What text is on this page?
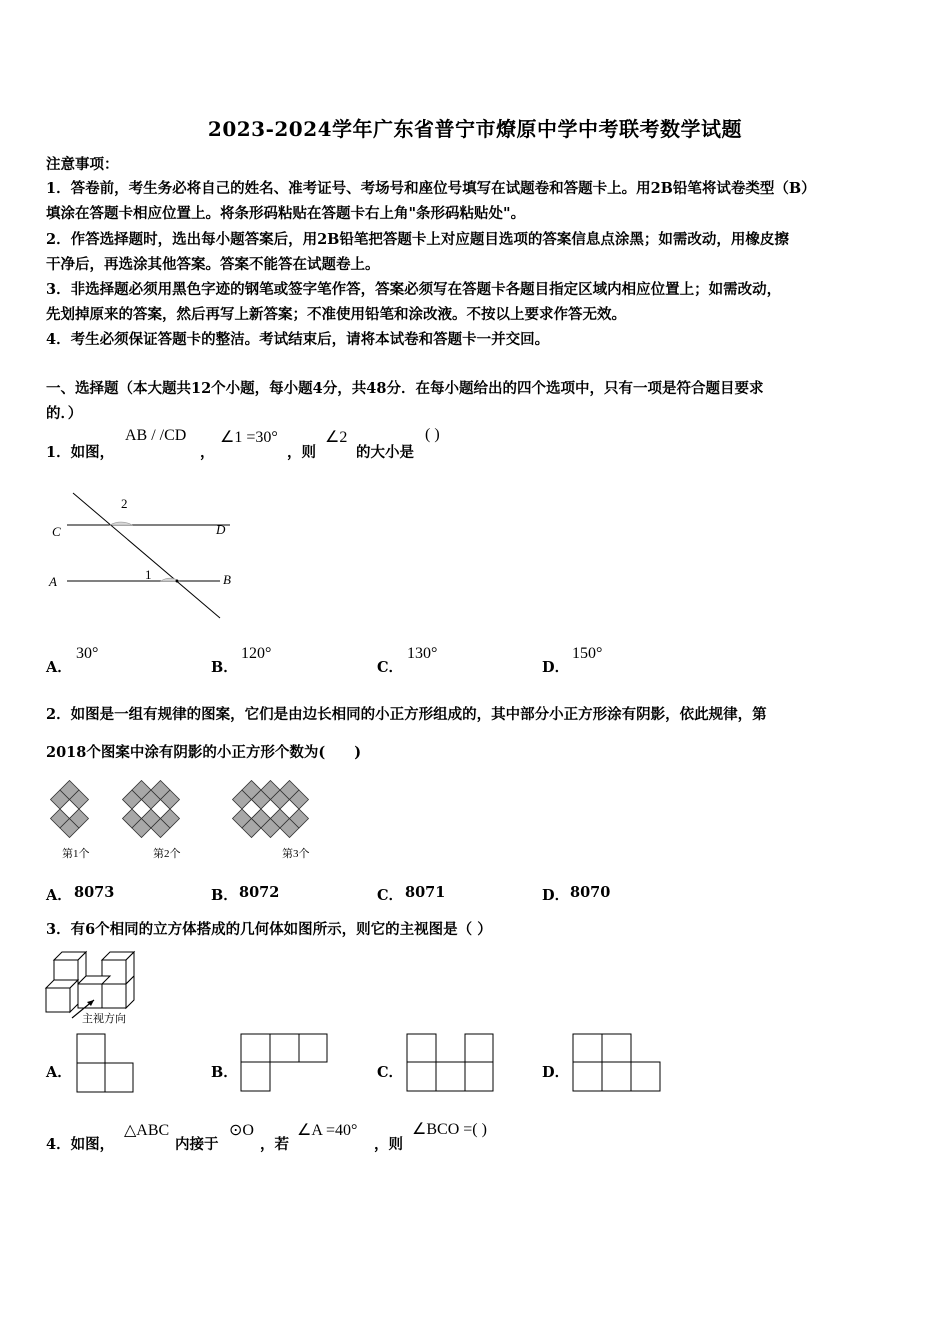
2023-2024学年广东省普宁市燎原中学中考联考数学试题
注意事项：
1．答卷前，考生务必将自己的姓名、准考证号、考场号和座位号填写在试题卷和答题卡上。用2B铅笔将试卷类型（B）
填涂在答题卡相应位置上。将条形码粘贴在答题卡右上角"条形码粘贴处"。
2．作答选择题时，选出每小题答案后，用2B铅笔把答题卡上对应题目选项的答案信息点涂黑；如需改动，用橡皮擦
干净后，再选涂其他答案。答案不能答在试题卷上。
3．非选择题必须用黑色字迹的钢笔或签字笔作答，答案必须写在答题卡各题目指定区域内相应位置上；如需改动，
先划掉原来的答案，然后再写上新答案；不准使用铅笔和涂改液。不按以上要求作答无效。
4．考生必须保证答题卡的整洁。考试结束后，请将本试卷和答题卡一并交回。
一、选择题（本大题共12个小题，每小题4分，共48分．在每小题给出的四个选项中，只有一项是符合题目要求
的．）
1．如图，
AB / /CD
，
∠1 =30°
，则
∠2
的大小是
( )
C	D
A	B
1
2
A．
30°
B．
120°
C．
130°
D．
150°
2．如图是一组有规律的图案，它们是由边长相同的小正方形组成的，其中部分小正方形涂有阴影，依此规律，第
2018个图案中涂有阴影的小正方形个数为(　　)
第1个	第2个	第3个
A． 8073	B． 8072	C． 8071	D． 8070
3．有6个相同的立方体搭成的几何体如图所示，则它的主视图是（ ）
主视方向
A．	B．	C．	D．
4．如图，
△ABC
内接于
⊙O
，若
∠A =40°
，则
∠BCO =( )
